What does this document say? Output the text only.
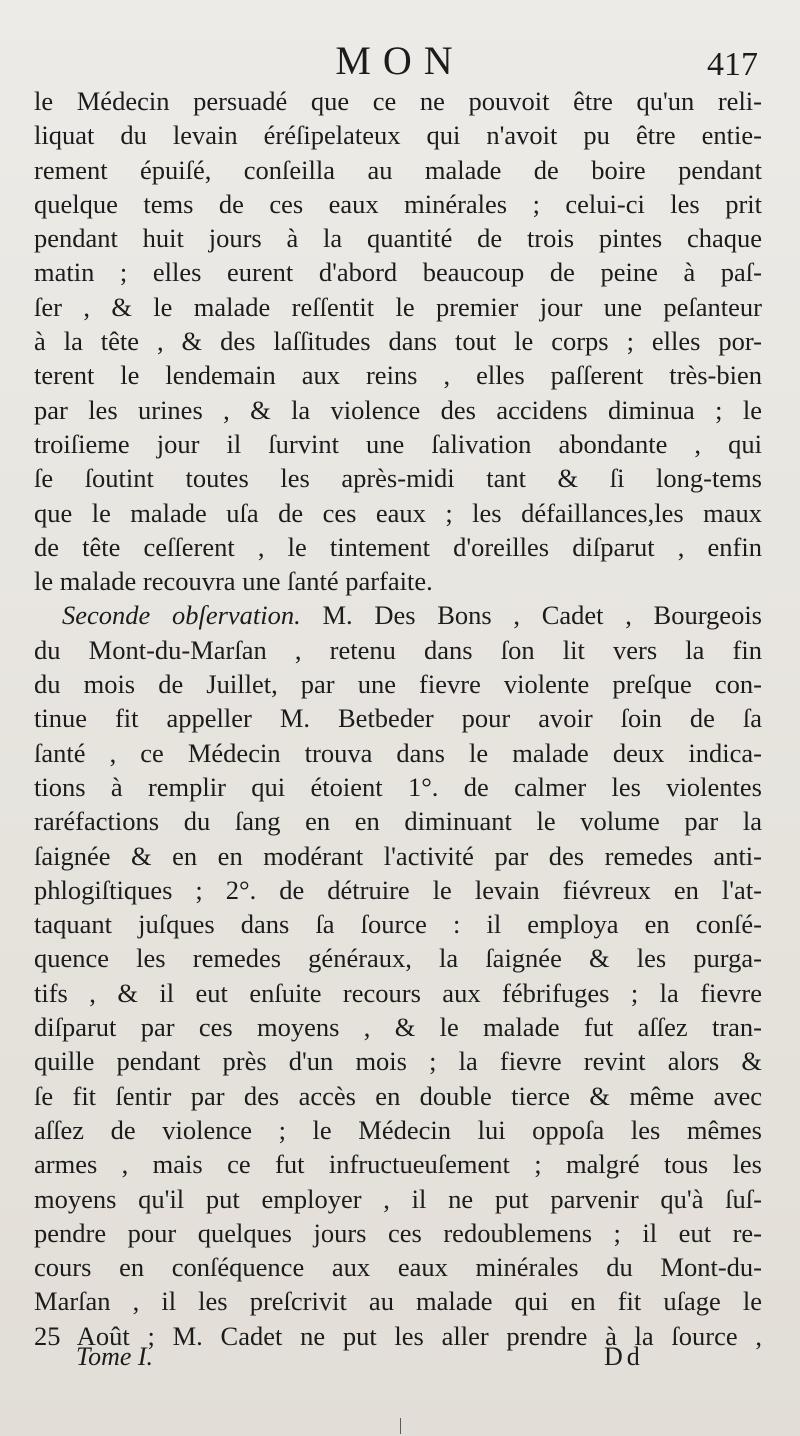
MON	417
le Médecin persuadé que ce ne pouvoit être qu'un reli-
liquat du levain éréſipelateux qui n'avoit pu être entie-
rement épuiſé, conſeilla au malade de boire pendant
quelque tems de ces eaux minérales ; celui-ci les prit
pendant huit jours à la quantité de trois pintes chaque
matin ; elles eurent d'abord beaucoup de peine à paſ-
ſer , & le malade reſſentit le premier jour une peſanteur
à la tête , & des laſſitudes dans tout le corps ; elles por-
terent le lendemain aux reins , elles paſſerent très-bien
par les urines , & la violence des accidens diminua ; le
troiſieme jour il ſurvint une ſalivation abondante , qui
ſe ſoutint toutes les après-midi tant & ſi long-tems
que le malade uſa de ces eaux ; les défaillances,les maux
de tête ceſſerent , le tintement d'oreilles diſparut , enfin
le malade recouvra une ſanté parfaite.
Seconde obſervation. M. Des Bons , Cadet , Bourgeois
du Mont-du-Marſan , retenu dans ſon lit vers la fin
du mois de Juillet, par une fievre violente preſque con-
tinue fit appeller M. Betbeder pour avoir ſoin de ſa
ſanté , ce Médecin trouva dans le malade deux indica-
tions à remplir qui étoient 1°. de calmer les violentes
raréfactions du ſang en en diminuant le volume par la
ſaignée & en en modérant l'activité par des remedes anti-
phlogiſtiques ; 2°. de détruire le levain fiévreux en l'at-
taquant juſques dans ſa ſource : il employa en conſé-
quence les remedes généraux, la ſaignée & les purga-
tifs , & il eut enſuite recours aux fébrifuges ; la fievre
diſparut par ces moyens , & le malade fut aſſez tran-
quille pendant près d'un mois ; la fievre revint alors &
ſe fit ſentir par des accès en double tierce & même avec
aſſez de violence ; le Médecin lui oppoſa les mêmes
armes , mais ce fut infructueuſement ; malgré tous les
moyens qu'il put employer , il ne put parvenir qu'à ſuſ-
pendre pour quelques jours ces redoublemens ; il eut re-
cours en conſéquence aux eaux minérales du Mont-du-
Marſan , il les preſcrivit au malade qui en fit uſage le
25 Août ; M. Cadet ne put les aller prendre à la ſource ,
Tome I.	Dd
